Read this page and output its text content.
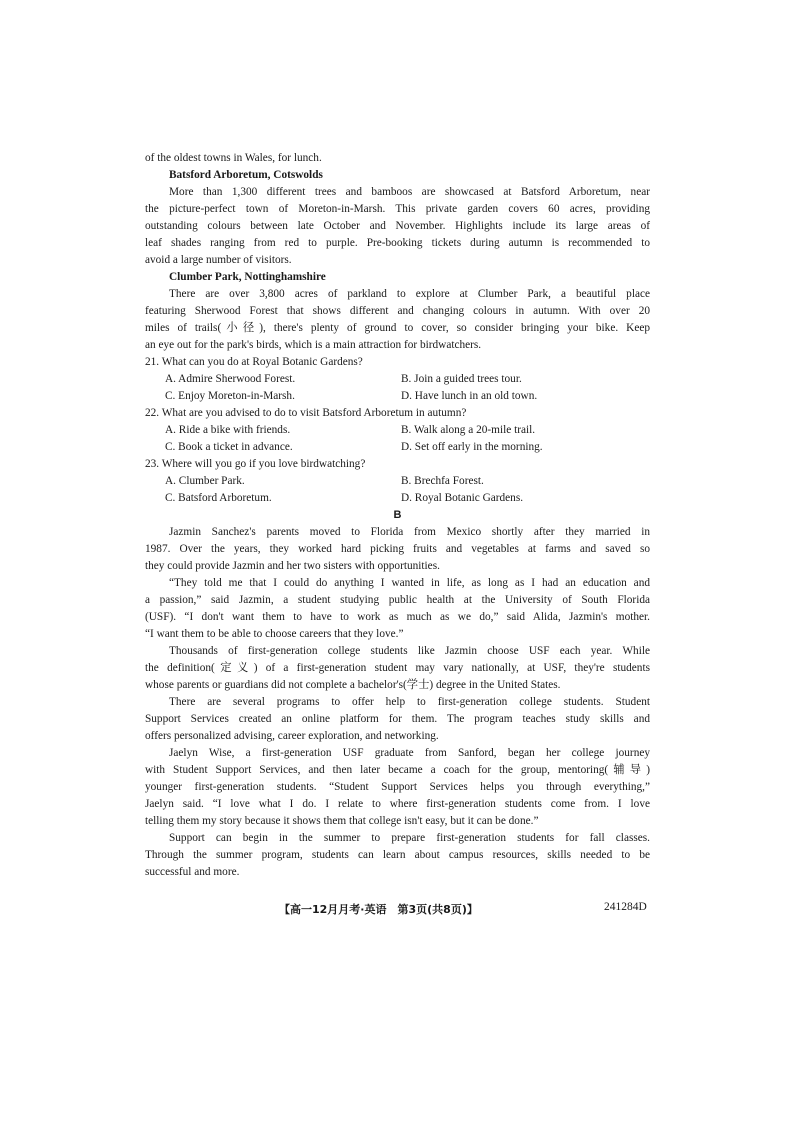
of the oldest towns in Wales, for lunch.
Batsford Arboretum, Cotswolds
More than 1,300 different trees and bamboos are showcased at Batsford Arboretum, near
the picture-perfect town of Moreton-in-Marsh. This private garden covers 60 acres, providing
outstanding colours between late October and November. Highlights include its large areas of
leaf shades ranging from red to purple. Pre-booking tickets during autumn is recommended to
avoid a large number of visitors.
Clumber Park, Nottinghamshire
There are over 3,800 acres of parkland to explore at Clumber Park, a beautiful place
featuring Sherwood Forest that shows different and changing colours in autumn. With over 20
miles of trails(小径), there's plenty of ground to cover, so consider bringing your bike. Keep
an eye out for the park's birds, which is a main attraction for birdwatchers.
21. What can you do at Royal Botanic Gardens?
A. Admire Sherwood Forest.	B. Join a guided trees tour.
C. Enjoy Moreton-in-Marsh.	D. Have lunch in an old town.
22. What are you advised to do to visit Batsford Arboretum in autumn?
A. Ride a bike with friends.	B. Walk along a 20-mile trail.
C. Book a ticket in advance.	D. Set off early in the morning.
23. Where will you go if you love birdwatching?
A. Clumber Park.	B. Brechfa Forest.
C. Batsford Arboretum.	D. Royal Botanic Gardens.
B
Jazmin Sanchez's parents moved to Florida from Mexico shortly after they married in
1987. Over the years, they worked hard picking fruits and vegetables at farms and saved so
they could provide Jazmin and her two sisters with opportunities.
“They told me that I could do anything I wanted in life, as long as I had an education and
a passion,” said Jazmin, a student studying public health at the University of South Florida
(USF). “I don't want them to have to work as much as we do,” said Alida, Jazmin's mother.
“I want them to be able to choose careers that they love.”
Thousands of first-generation college students like Jazmin choose USF each year. While
the definition(定义) of a first-generation student may vary nationally, at USF, they're students
whose parents or guardians did not complete a bachelor's(学士) degree in the United States.
There are several programs to offer help to first-generation college students. Student
Support Services created an online platform for them. The program teaches study skills and
offers personalized advising, career exploration, and networking.
Jaelyn Wise, a first-generation USF graduate from Sanford, began her college journey
with Student Support Services, and then later became a coach for the group, mentoring(辅导)
younger first-generation students. “Student Support Services helps you through everything,”
Jaelyn said. “I love what I do. I relate to where first-generation students come from. I love
telling them my story because it shows them that college isn't easy, but it can be done.”
Support can begin in the summer to prepare first-generation students for fall classes.
Through the summer program, students can learn about campus resources, skills needed to be
successful and more.
【高一12月月考·英语　第3页(共8页)】	241284D
